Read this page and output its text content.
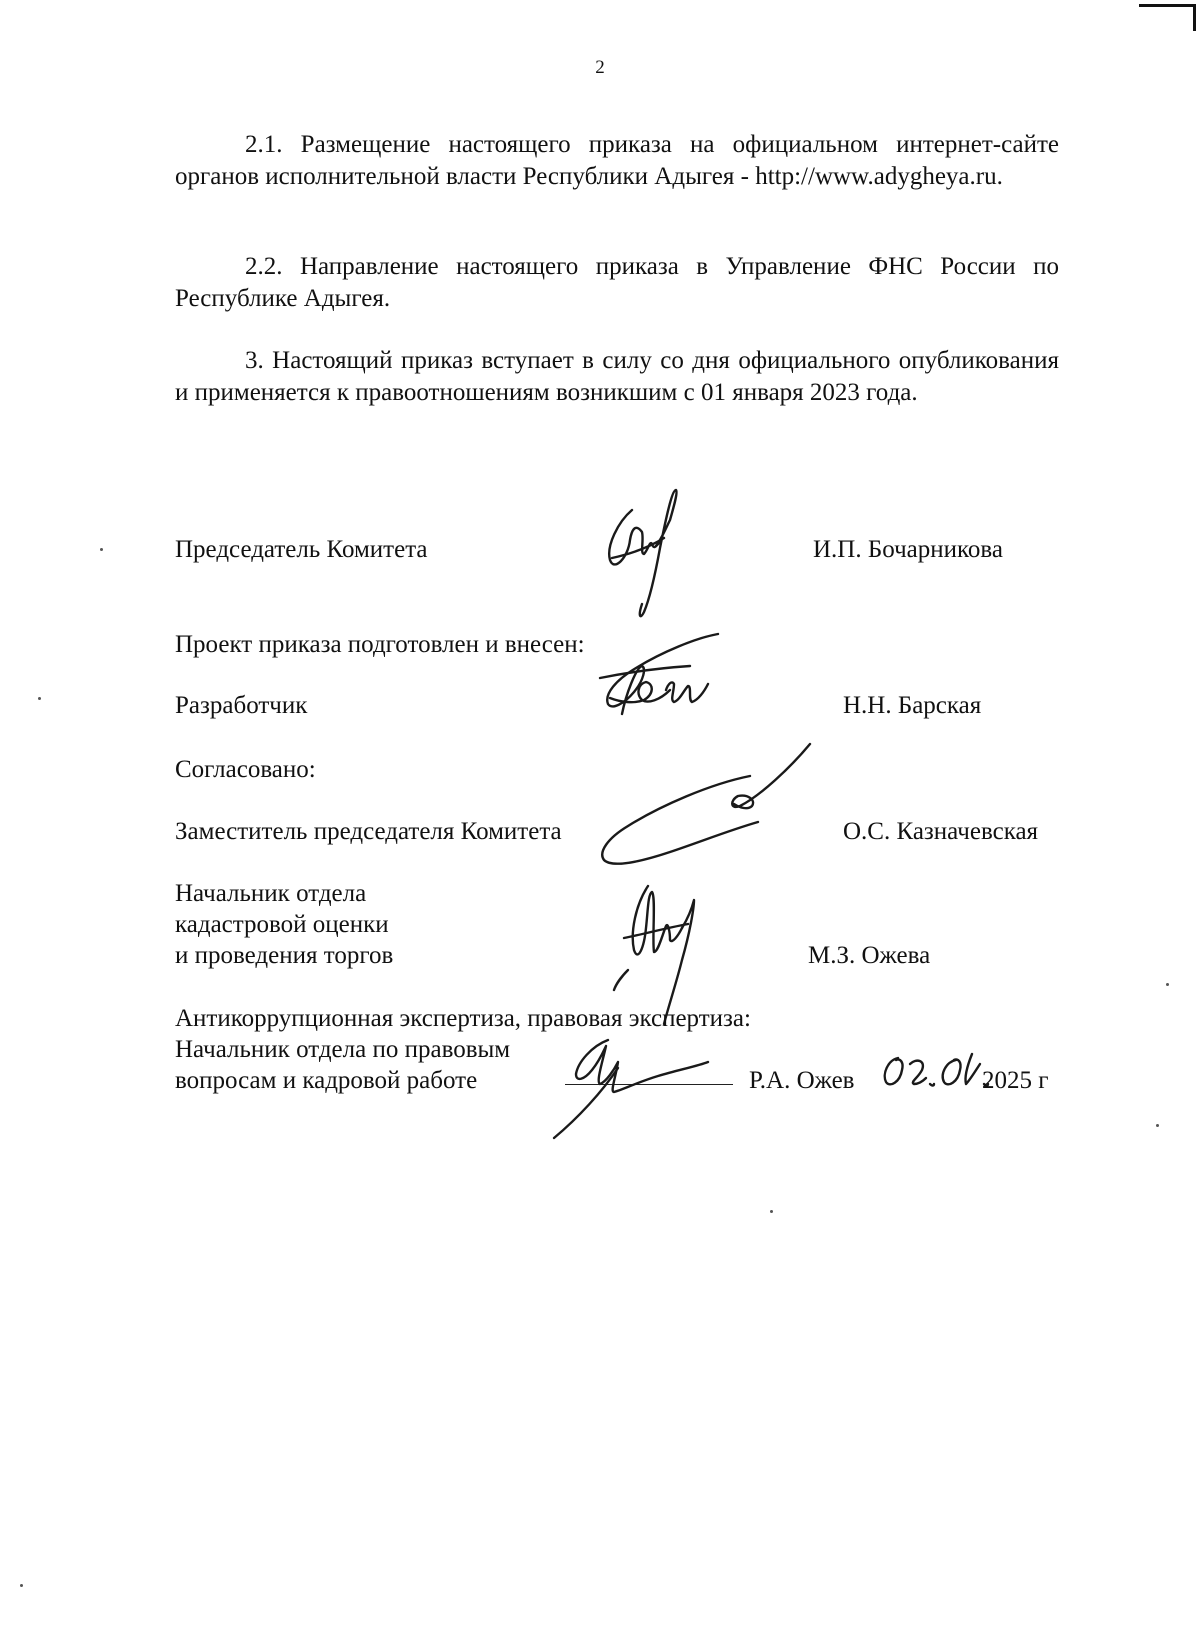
2

2.1. Размещение настоящего приказа на официальном интернет-сайте органов исполнительной власти Республики Адыгея - http://www.adygheya.ru.

2.2. Направление настоящего приказа в Управление ФНС России по Республике Адыгея.

3. Настоящий приказ вступает в силу со дня официального опубликования и применяется к правоотношениям возникшим с 01 января 2023 года.

Председатель Комитета	И.П. Бочарникова
Проект приказа подготовлен и внесен:
Разработчик	Н.Н. Барская
Согласовано:
Заместитель председателя Комитета	О.С. Казначевская
Начальник отдела
кадастровой оценки
и проведения торгов	М.З. Ожева
Антикоррупционная экспертиза, правовая экспертиза:
Начальник отдела по правовым
вопросам и кадровой работе	Р.А. Ожев	2025 г
